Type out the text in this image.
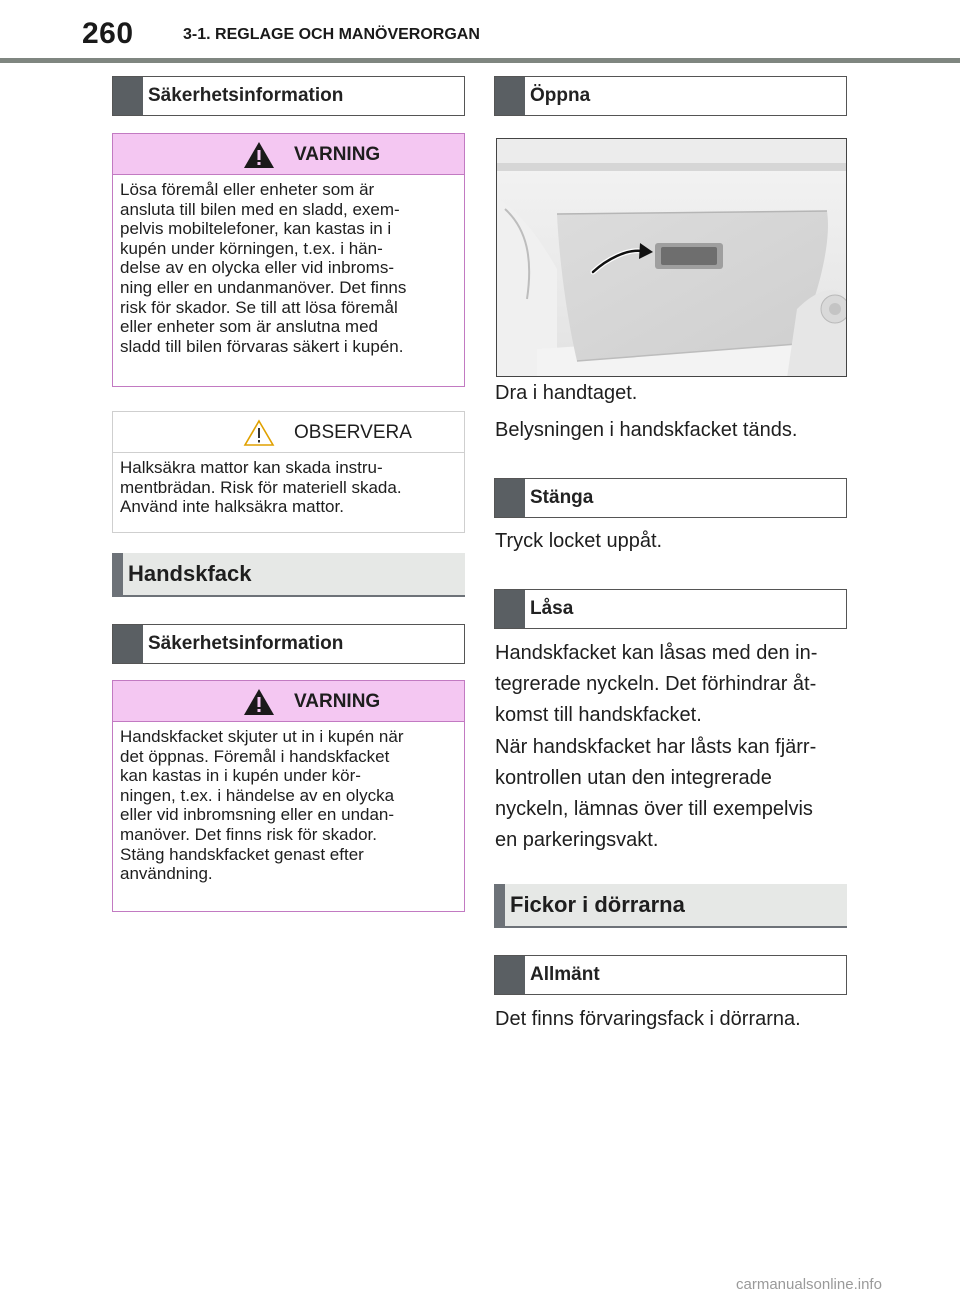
260	3-1. REGLAGE OCH MANÖVERORGAN
Säkerhetsinformation
VARNING
Lösa föremål eller enheter som är
ansluta till bilen med en sladd, exem-
pelvis mobiltelefoner, kan kastas in i
kupén under körningen, t.ex. i hän-
delse av en olycka eller vid inbroms-
ning eller en undanmanöver. Det finns
risk för skador. Se till att lösa föremål
eller enheter som är anslutna med
sladd till bilen förvaras säkert i kupén.
OBSERVERA
Halksäkra mattor kan skada instru-
mentbrädan. Risk för materiell skada.
Använd inte halksäkra mattor.
Handskfack
Säkerhetsinformation
VARNING
Handskfacket skjuter ut in i kupén när
det öppnas. Föremål i handskfacket
kan kastas in i kupén under kör-
ningen, t.ex. i händelse av en olycka
eller vid inbromsning eller en undan-
manöver. Det finns risk för skador.
Stäng handskfacket genast efter
användning.
Öppna
Dra i handtaget.
Belysningen i handskfacket tänds.
Stänga
Tryck locket uppåt.
Låsa
Handskfacket kan låsas med den in-
tegrerade nyckeln. Det förhindrar åt-
komst till handskfacket.
När handskfacket har låsts kan fjärr-
kontrollen utan den integrerade
nyckeln, lämnas över till exempelvis
en parkeringsvakt.
Fickor i dörrarna
Allmänt
Det finns förvaringsfack i dörrarna.
carmanualsonline.info
